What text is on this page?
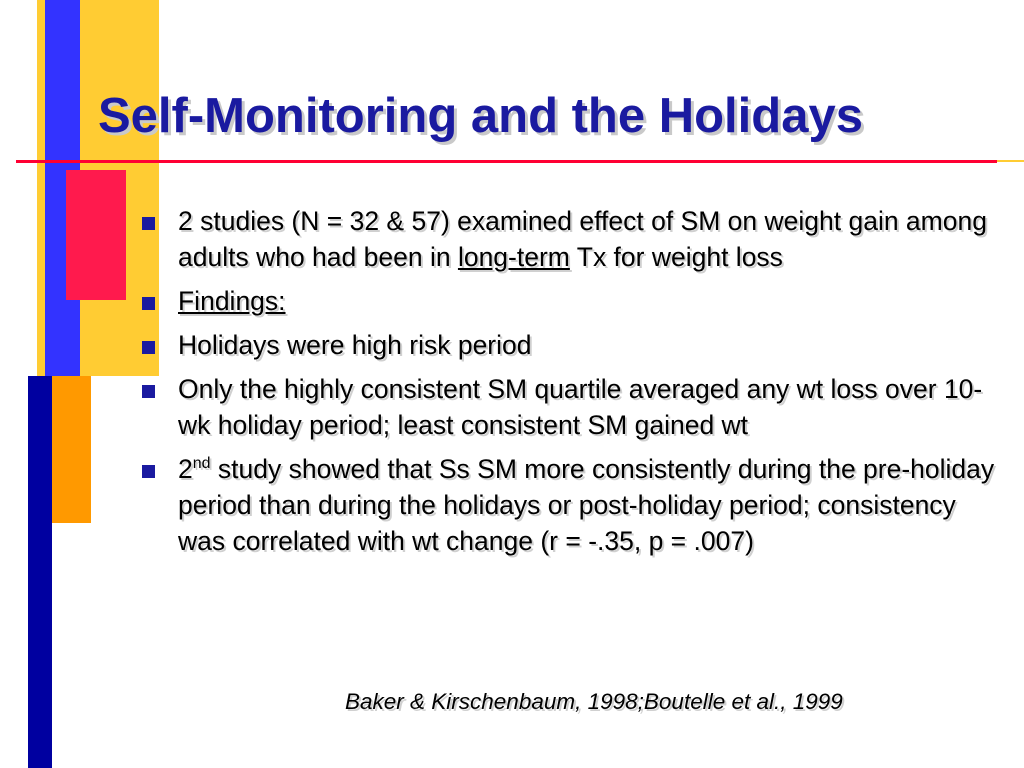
Self-Monitoring and the Holidays
2 studies (N = 32 & 57) examined effect of SM on weight gain among adults who had been in long-term Tx for weight loss
Findings:
Holidays were high risk period
Only the highly consistent SM quartile averaged any wt loss over 10-wk holiday period; least consistent SM gained wt
2nd study showed that Ss SM more consistently during the pre-holiday period than during the holidays or post-holiday period; consistency was correlated with wt change (r = -.35, p = .007)
Baker & Kirschenbaum, 1998;Boutelle et al., 1999
